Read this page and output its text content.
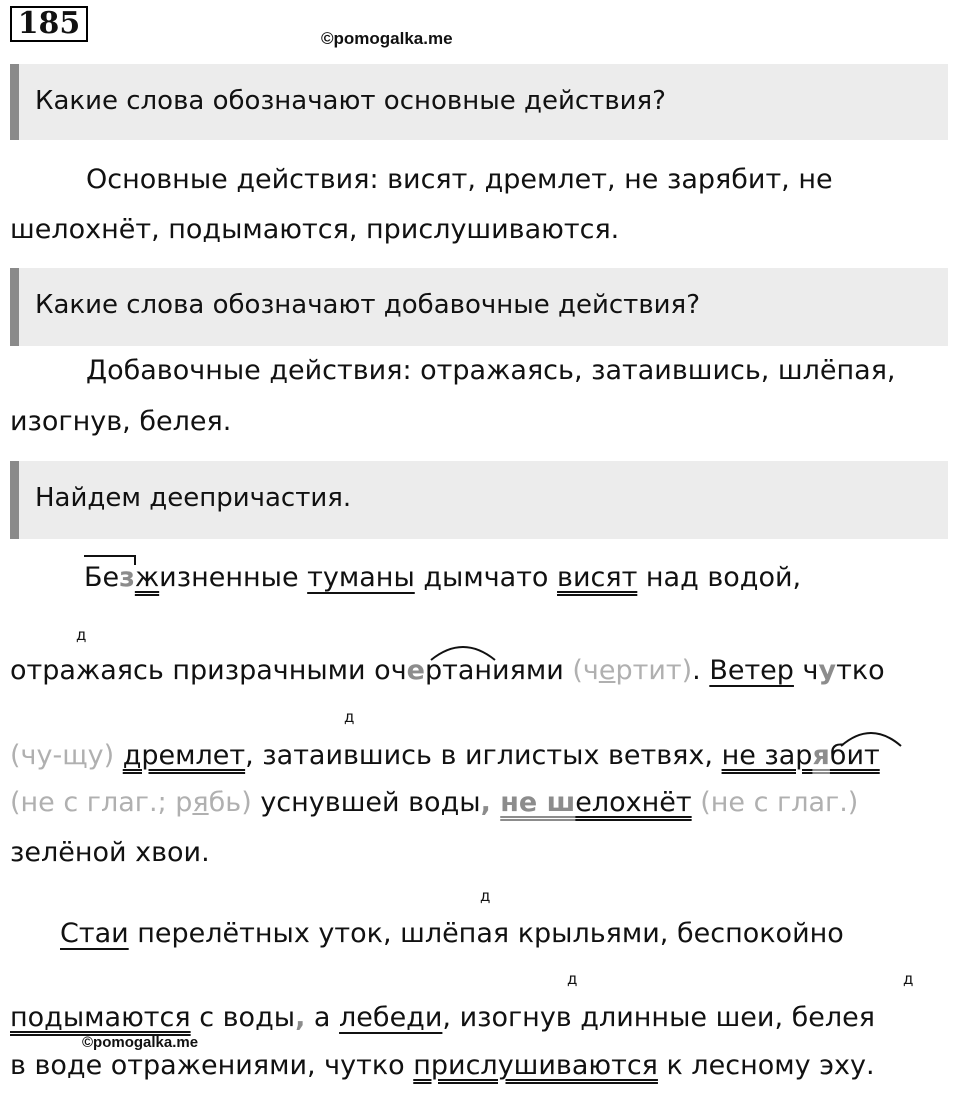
185	©pomogalka.me
Какие слова обозначают основные действия?
Основные действия: висят, дремлет, не зарябит, не
шелохнёт, подымаются, прислушиваются.
Какие слова обозначают добавочные действия?
Добавочные действия: отражаясь, затаившись, шлёпая,
изогнув, белея.
Найдем деепричастия.
Безжизненные туманы дымчато висят над водой,
д
отражаясь призрачными очертаниями (чертит). Ветер чутко
д
(чу-щу) дремлет, затаившись в иглистых ветвях, не зарябит
(не с глаг.; рябь) уснувшей воды, не шелохнёт (не с глаг.)
зелёной хвои.
д
Стаи перелётных уток, шлёпая крыльями, беспокойно
д	д
подымаются с воды, а лебеди, изогнув длинные шеи, белея
©pomogalka.me
в воде отражениями, чутко прислушиваются к лесному эху.
